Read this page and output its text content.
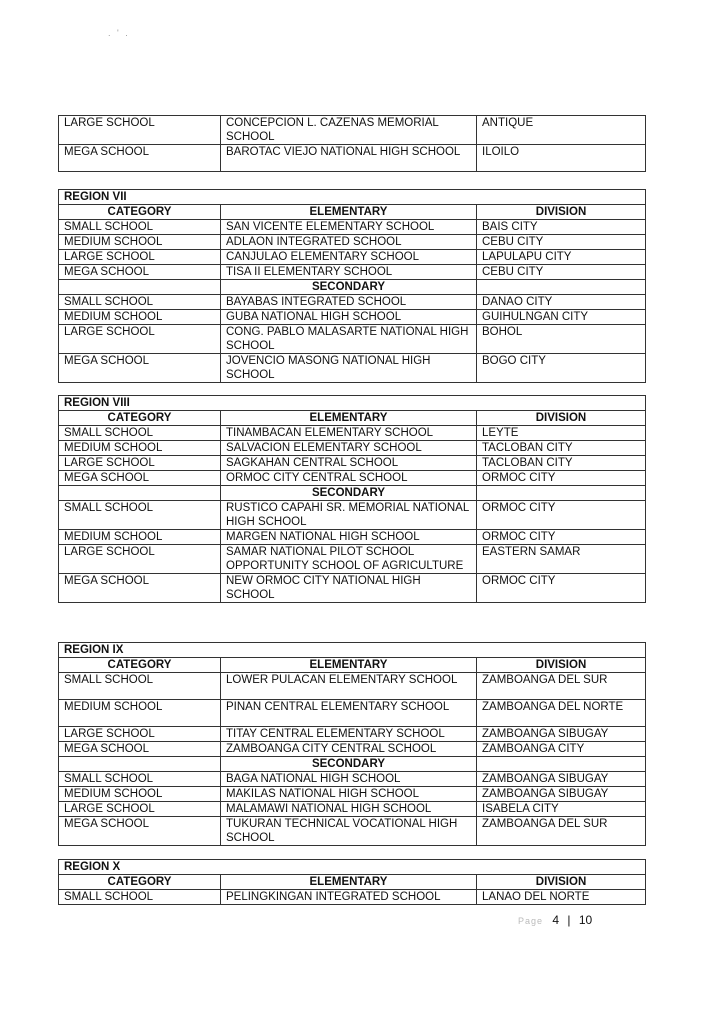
. ' .
LARGE SCHOOL	CONCEPCION L. CAZENAS MEMORIAL SCHOOL	ANTIQUE
MEGA SCHOOL	BAROTAC VIEJO NATIONAL HIGH SCHOOL	ILOILO
REGION VII		
CATEGORY	ELEMENTARY	DIVISION
SMALL SCHOOL	SAN VICENTE ELEMENTARY SCHOOL	BAIS CITY
MEDIUM SCHOOL	ADLAON INTEGRATED SCHOOL	CEBU CITY
LARGE SCHOOL	CANJULAO ELEMENTARY SCHOOL	LAPULAPU CITY
MEGA SCHOOL	TISA II ELEMENTARY SCHOOL	CEBU CITY
	SECONDARY	
SMALL SCHOOL	BAYABAS INTEGRATED SCHOOL	DANAO CITY
MEDIUM SCHOOL	GUBA NATIONAL HIGH SCHOOL	GUIHULNGAN CITY
LARGE SCHOOL	CONG. PABLO MALASARTE NATIONAL HIGH SCHOOL	BOHOL
MEGA SCHOOL	JOVENCIO MASONG NATIONAL HIGH SCHOOL	BOGO CITY
REGION VIII		
CATEGORY	ELEMENTARY	DIVISION
SMALL SCHOOL	TINAMBACAN ELEMENTARY SCHOOL	LEYTE
MEDIUM SCHOOL	SALVACION ELEMENTARY SCHOOL	TACLOBAN CITY
LARGE SCHOOL	SAGKAHAN CENTRAL SCHOOL	TACLOBAN CITY
MEGA SCHOOL	ORMOC CITY CENTRAL SCHOOL	ORMOC CITY
	SECONDARY	
SMALL SCHOOL	RUSTICO CAPAHI SR. MEMORIAL NATIONAL HIGH SCHOOL	ORMOC CITY
MEDIUM SCHOOL	MARGEN NATIONAL HIGH SCHOOL	ORMOC CITY
LARGE SCHOOL	SAMAR NATIONAL PILOT SCHOOL OPPORTUNITY SCHOOL OF AGRICULTURE	EASTERN SAMAR
MEGA SCHOOL	NEW ORMOC CITY NATIONAL HIGH SCHOOL	ORMOC CITY
REGION IX		
CATEGORY	ELEMENTARY	DIVISION
SMALL SCHOOL	LOWER PULACAN ELEMENTARY SCHOOL	ZAMBOANGA DEL SUR
MEDIUM SCHOOL	PINAN CENTRAL ELEMENTARY SCHOOL	ZAMBOANGA DEL NORTE
LARGE SCHOOL	TITAY CENTRAL ELEMENTARY SCHOOL	ZAMBOANGA SIBUGAY
MEGA SCHOOL	ZAMBOANGA CITY CENTRAL SCHOOL	ZAMBOANGA CITY
	SECONDARY	
SMALL SCHOOL	BAGA NATIONAL HIGH SCHOOL	ZAMBOANGA SIBUGAY
MEDIUM SCHOOL	MAKILAS NATIONAL HIGH SCHOOL	ZAMBOANGA SIBUGAY
LARGE SCHOOL	MALAMAWI NATIONAL HIGH SCHOOL	ISABELA CITY
MEGA SCHOOL	TUKURAN TECHNICAL VOCATIONAL HIGH SCHOOL	ZAMBOANGA DEL SUR
REGION X		
CATEGORY	ELEMENTARY	DIVISION
SMALL SCHOOL	PELINGKINGAN INTEGRATED SCHOOL	LANAO DEL NORTE
Page 4 | 10
